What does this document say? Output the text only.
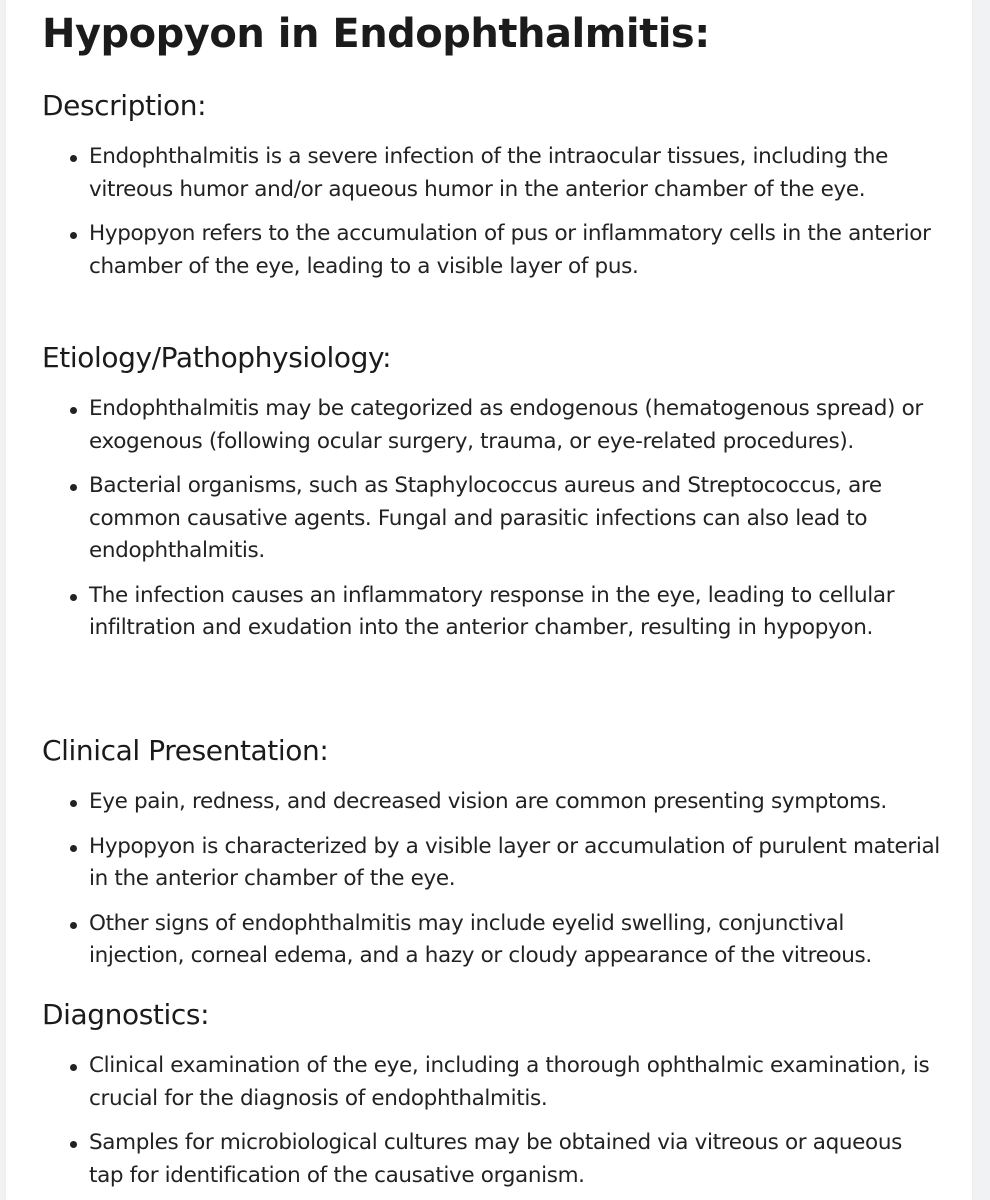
Hypopyon in Endophthalmitis:
Description:
Endophthalmitis is a severe infection of the intraocular tissues, including the vitreous humor and/or aqueous humor in the anterior chamber of the eye.
Hypopyon refers to the accumulation of pus or inflammatory cells in the anterior chamber of the eye, leading to a visible layer of pus.
Etiology/Pathophysiology:
Endophthalmitis may be categorized as endogenous (hematogenous spread) or exogenous (following ocular surgery, trauma, or eye-related procedures).
Bacterial organisms, such as Staphylococcus aureus and Streptococcus, are common causative agents. Fungal and parasitic infections can also lead to endophthalmitis.
The infection causes an inflammatory response in the eye, leading to cellular infiltration and exudation into the anterior chamber, resulting in hypopyon.
Clinical Presentation:
Eye pain, redness, and decreased vision are common presenting symptoms.
Hypopyon is characterized by a visible layer or accumulation of purulent material in the anterior chamber of the eye.
Other signs of endophthalmitis may include eyelid swelling, conjunctival injection, corneal edema, and a hazy or cloudy appearance of the vitreous.
Diagnostics:
Clinical examination of the eye, including a thorough ophthalmic examination, is crucial for the diagnosis of endophthalmitis.
Samples for microbiological cultures may be obtained via vitreous or aqueous tap for identification of the causative organism.
